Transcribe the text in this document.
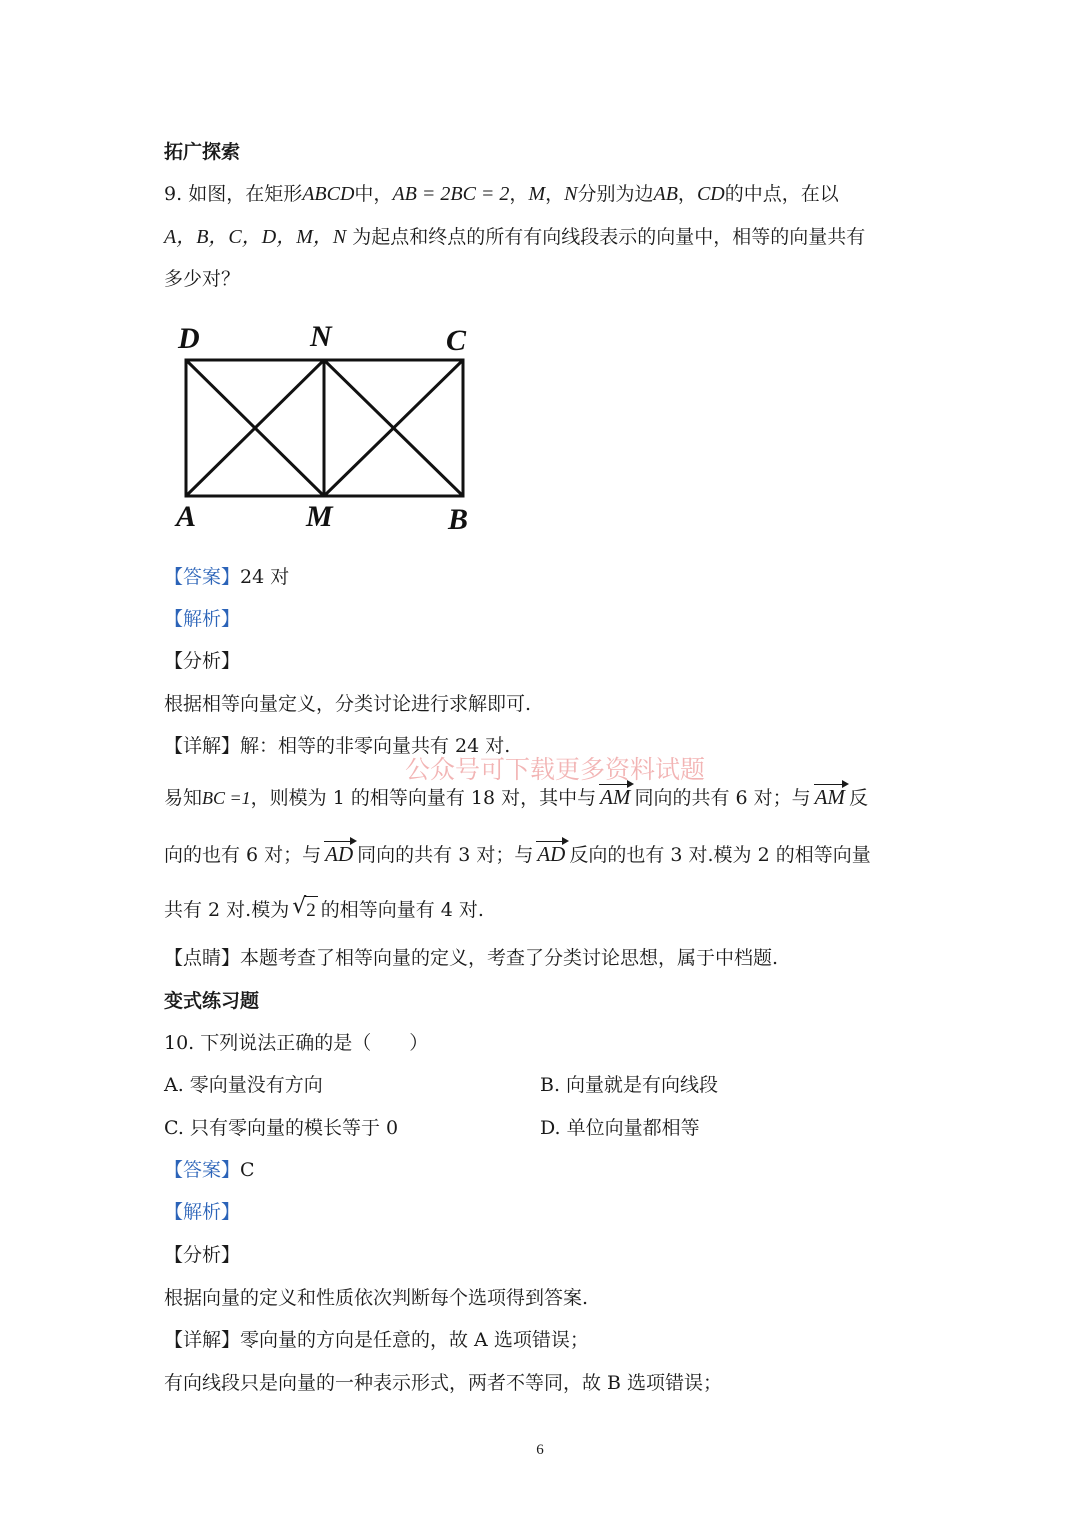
拓广探索
9. 如图，在矩形ABCD中，AB = 2BC = 2，M，N分别为边AB，CD的中点，在以
A，B，C，D，M，N 为起点和终点的所有有向线段表示的向量中，相等的向量共有
多少对？
D	N	C
A	M	B
【答案】24 对
【解析】
【分析】
根据相等向量定义，分类讨论进行求解即可.
【详解】解：相等的非零向量共有 24 对.
公众号可下载更多资料试题
易知BC =1，则模为 1 的相等向量有 18 对，其中与 AM 同向的共有 6 对；与 AM 反
向的也有 6 对；与 AD 同向的共有 3 对；与 AD 反向的也有 3 对.模为 2 的相等向量
共有 2 对.模为 √ 2 的相等向量有 4 对.
【点睛】本题考查了相等向量的定义，考查了分类讨论思想，属于中档题.
变式练习题
10. 下列说法正确的是（　　）
A. 零向量没有方向	B. 向量就是有向线段
C. 只有零向量的模长等于 0	D. 单位向量都相等
【答案】C
【解析】
【分析】
根据向量的定义和性质依次判断每个选项得到答案.
【详解】零向量的方向是任意的，故 A 选项错误；
有向线段只是向量的一种表示形式，两者不等同，故 B 选项错误；
6
